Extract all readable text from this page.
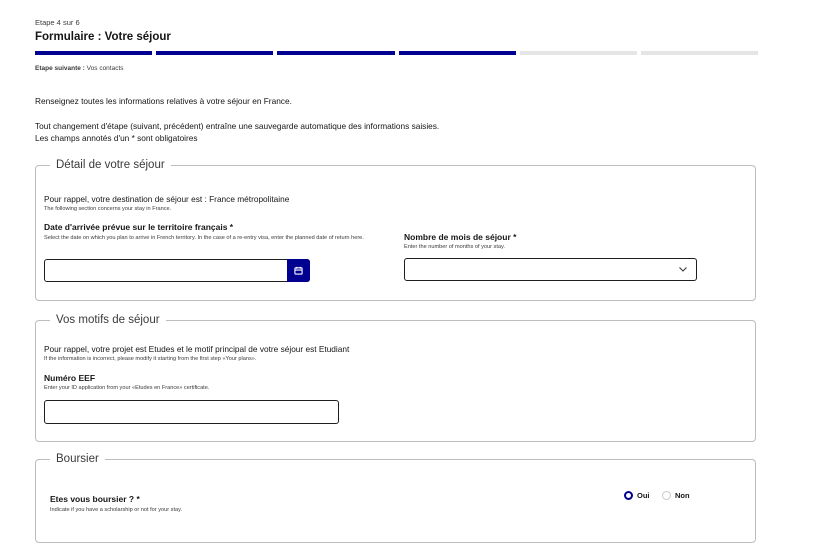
Etape 4 sur 6
Formulaire : Votre séjour
Etape suivante : Vos contacts
Renseignez toutes les informations relatives à votre séjour en France.
Tout changement d'étape (suivant, précédent) entraîne une sauvegarde automatique des informations saisies.
Les champs annotés d'un * sont obligatoires
Détail de votre séjour
Pour rappel, votre destination de séjour est : France métropolitaine
The following section concerns your stay in France.
Date d'arrivée prévue sur le territoire français *
Select the date on which you plan to arrive in French territory. In the case of a re-entry visa, enter the planned date of return here.	Nombre de mois de séjour *
Enter the number of months of your stay.
Vos motifs de séjour
Pour rappel, votre projet est Etudes et le motif principal de votre séjour est Etudiant
If the information is incorrect, please modify it starting from the first step «Your plans».
Numéro EEF
Enter your ID application from your «Etudes en France» certificate.
Boursier
Etes vous boursier ? *
Indicate if you have a scholarship or not for your stay.
Oui
	Non
